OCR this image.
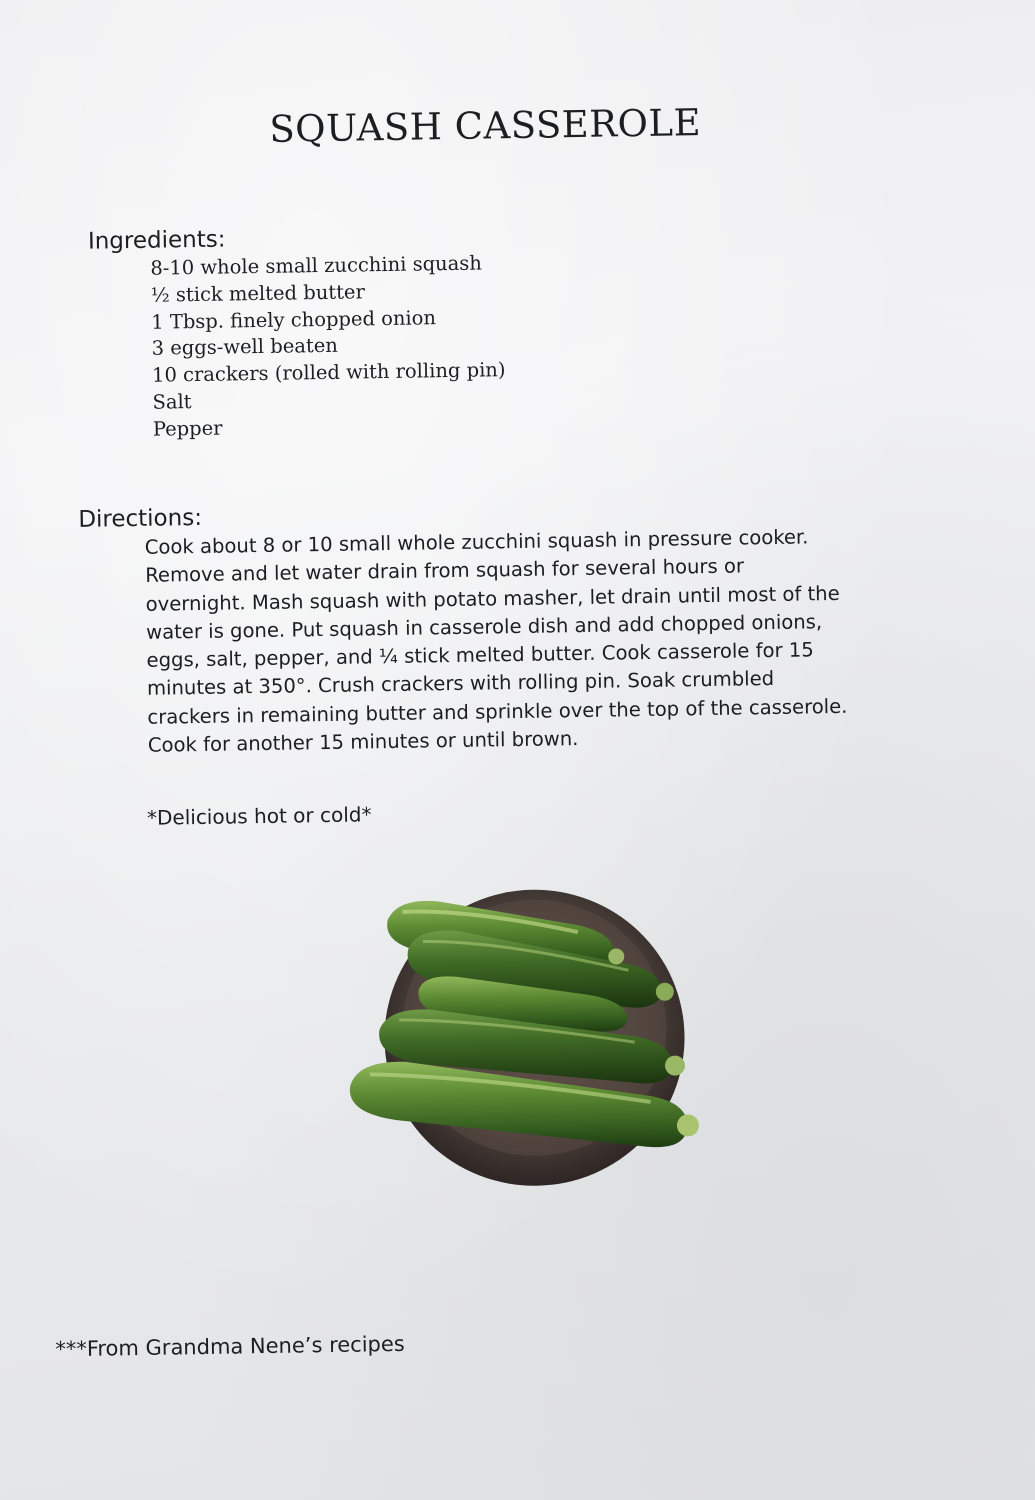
SQUASH CASSEROLE
Ingredients:
8-10 whole small zucchini squash
½ stick melted butter
1 Tbsp. finely chopped onion
3 eggs-well beaten
10 crackers (rolled with rolling pin)
Salt
Pepper
Directions:

Cook about 8 or 10 small whole zucchini squash in pressure cooker.
Remove and let water drain from squash for several hours or
overnight. Mash squash with potato masher, let drain until most of the
water is gone. Put squash in casserole dish and add chopped onions,
eggs, salt, pepper, and ¼ stick melted butter. Cook casserole for 15
minutes at 350°. Crush crackers with rolling pin. Soak crumbled
crackers in remaining butter and sprinkle over the top of the casserole.
Cook for another 15 minutes or until brown.

*Delicious hot or cold*

***From Grandma Nene’s recipes
